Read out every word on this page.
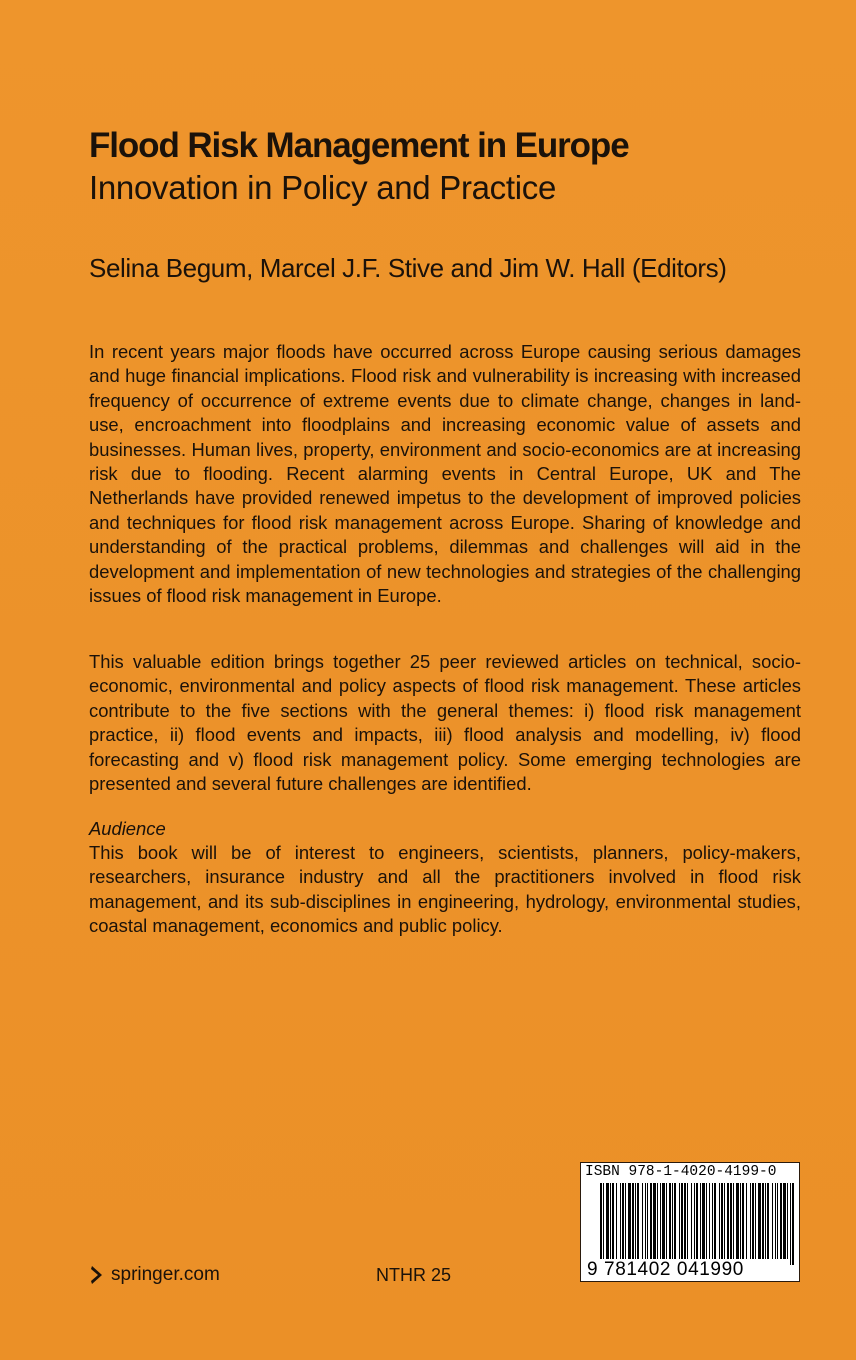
Flood Risk Management in Europe
Innovation in Policy and Practice

Selina Begum, Marcel J.F. Stive and Jim W. Hall (Editors)

In recent years major floods have occurred across Europe causing serious damages and huge financial implications. Flood risk and vulnerability is increasing with increased frequency of occurrence of extreme events due to climate change, changes in land-use, encroachment into floodplains and increasing economic value of assets and businesses. Human lives, property, environment and socio-economics are at increasing risk due to flooding. Recent alarming events in Central Europe, UK and The Netherlands have provided renewed impetus to the development of improved policies and techniques for flood risk management across Europe. Sharing of knowledge and understanding of the practical problems, dilemmas and challenges will aid in the development and implementation of new technologies and strategies of the challenging issues of flood risk management in Europe.

This valuable edition brings together 25 peer reviewed articles on technical, socio-economic, environmental and policy aspects of flood risk management. These articles contribute to the five sections with the general themes: i) flood risk management practice, ii) flood events and impacts, iii) flood analysis and modelling, iv) flood forecasting and v) flood risk management policy. Some emerging technologies are presented and several future challenges are identified.

Audience

This book will be of interest to engineers, scientists, planners, policy-makers, researchers, insurance industry and all the practitioners involved in flood risk management, and its sub-disciplines in engineering, hydrology, environmental studies, coastal management, economics and public policy.

springer.com	NTHR 25
ISBN 978-1-4020-4199-0
9 781402 041990
